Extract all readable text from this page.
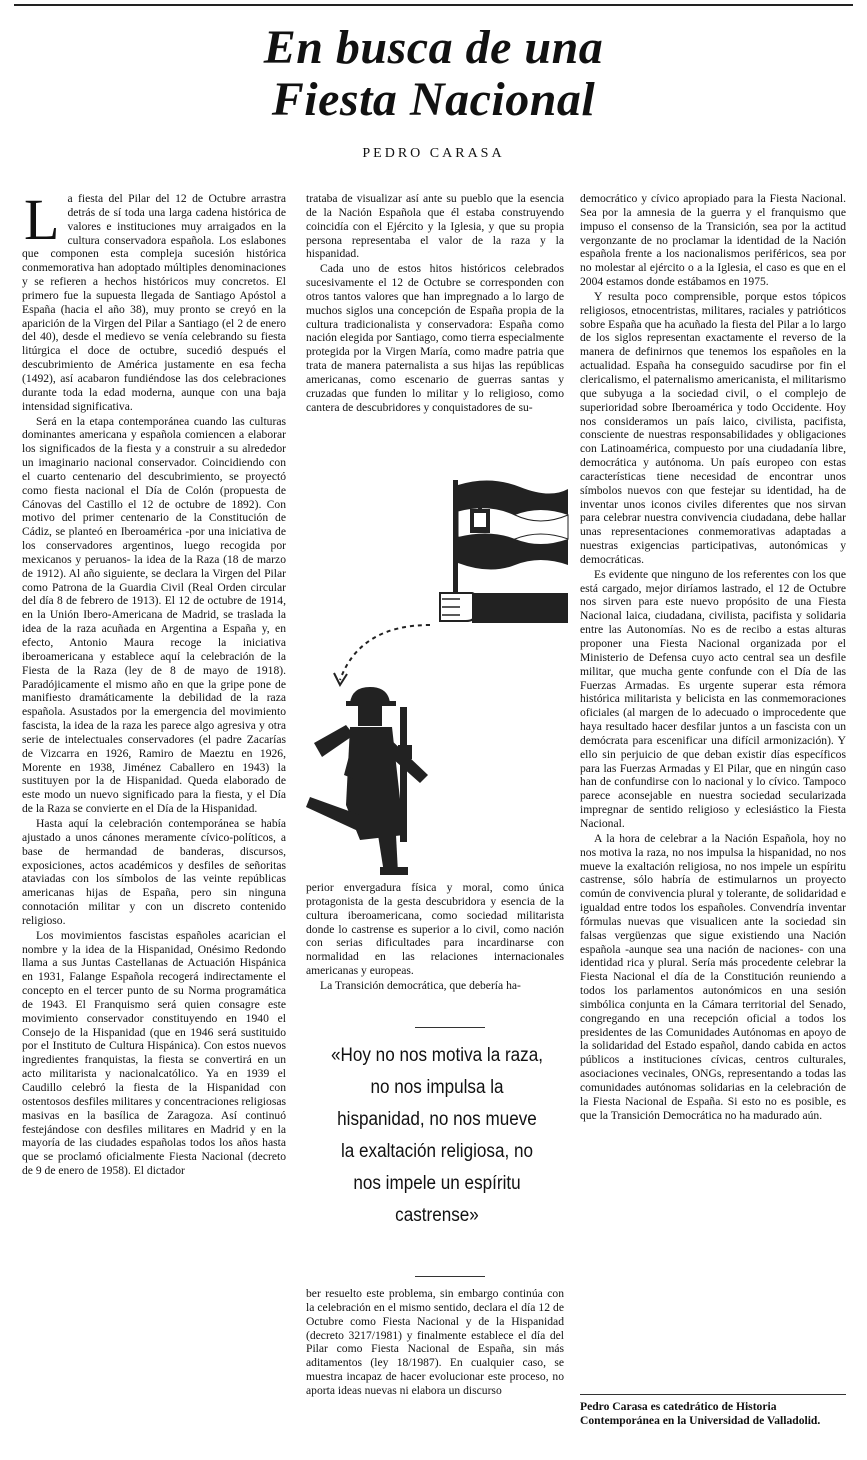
En busca de una
Fiesta Nacional
PEDRO CARASA

La fiesta del Pilar del 12 de Octubre arrastra detrás de sí toda una larga cadena histórica de valores e instituciones muy arraigados en la cultura conservadora española. Los eslabones que componen esta compleja sucesión histórica conmemorativa han adoptado múltiples denominaciones y se refieren a hechos históricos muy concretos. El primero fue la supuesta llegada de Santiago Apóstol a España (hacia el año 38), muy pronto se creyó en la aparición de la Virgen del Pilar a Santiago (el 2 de enero del 40), desde el medievo se venía celebrando su fiesta litúrgica el doce de octubre, sucedió después el descubrimiento de América justamente en esa fecha (1492), así acabaron fundiéndose las dos celebraciones durante toda la edad moderna, aunque con una baja intensidad significativa.

Será en la etapa contemporánea cuando las culturas dominantes americana y española comiencen a elaborar los significados de la fiesta y a construir a su alrededor un imaginario nacional conservador. Coincidiendo con el cuarto centenario del descubrimiento, se proyectó como fiesta nacional el Día de Colón (propuesta de Cánovas del Castillo el 12 de octubre de 1892). Con motivo del primer centenario de la Constitución de Cádiz, se planteó en Iberoamérica -por una iniciativa de los conservadores argentinos, luego recogida por mexicanos y peruanos- la idea de la Raza (18 de marzo de 1912). Al año siguiente, se declara la Virgen del Pilar como Patrona de la Guardia Civil (Real Orden circular del día 8 de febrero de 1913). El 12 de octubre de 1914, en la Unión Ibero-Americana de Madrid, se traslada la idea de la raza acuñada en Argentina a España y, en efecto, Antonio Maura recoge la iniciativa iberoamericana y establece aquí la celebración de la Fiesta de la Raza (ley de 8 de mayo de 1918). Paradójicamente el mismo año en que la gripe pone de manifiesto dramáticamente la debilidad de la raza española. Asustados por la emergencia del movimiento fascista, la idea de la raza les parece algo agresiva y otra serie de intelectuales conservadores (el padre Zacarías de Vizcarra en 1926, Ramiro de Maeztu en 1926, Morente en 1938, Jiménez Caballero en 1943) la sustituyen por la de Hispanidad. Queda elaborado de este modo un nuevo significado para la fiesta, y el Día de la Raza se convierte en el Día de la Hispanidad.

Hasta aquí la celebración contemporánea se había ajustado a unos cánones meramente cívico-políticos, a base de hermandad de banderas, discursos, exposiciones, actos académicos y desfiles de señoritas ataviadas con los símbolos de las veinte repúblicas americanas hijas de España, pero sin ninguna connotación militar y con un discreto contenido religioso.

Los movimientos fascistas españoles acarician el nombre y la idea de la Hispanidad, Onésimo Redondo llama a sus Juntas Castellanas de Actuación Hispánica en 1931, Falange Española recogerá indirectamente el concepto en el tercer punto de su Norma programática de 1943. El Franquismo será quien consagre este movimiento conservador constituyendo en 1940 el Consejo de la Hispanidad (que en 1946 será sustituido por el Instituto de Cultura Hispánica). Con estos nuevos ingredientes franquistas, la fiesta se convertirá en un acto militarista y nacionalcatólico. Ya en 1939 el Caudillo celebró la fiesta de la Hispanidad con ostentosos desfiles militares y concentraciones religiosas masivas en la basílica de Zaragoza. Así continuó festejándose con desfiles militares en Madrid y en la mayoría de las ciudades españolas todos los años hasta que se proclamó oficialmente Fiesta Nacional (decreto de 9 de enero de 1958). El dictador

trataba de visualizar así ante su pueblo que la esencia de la Nación Española que él estaba construyendo coincidía con el Ejército y la Iglesia, y que su propia persona representaba el valor de la raza y la hispanidad.

Cada uno de estos hitos históricos celebrados sucesivamente el 12 de Octubre se corresponden con otros tantos valores que han impregnado a lo largo de muchos siglos una concepción de España propia de la cultura tradicionalista y conservadora: España como nación elegida por Santiago, como tierra especialmente protegida por la Virgen María, como madre patria que trata de manera paternalista a sus hijas las repúblicas americanas, como escenario de guerras santas y cruzadas que funden lo militar y lo religioso, como cantera de descubridores y conquistadores de su-

perior envergadura física y moral, como única protagonista de la gesta descubridora y esencia de la cultura iberoamericana, como sociedad militarista donde lo castrense es superior a lo civil, como nación con serias dificultades para incardinarse con normalidad en las relaciones internacionales americanas y europeas.

La Transición democrática, que debería ha-

«Hoy no nos motiva la raza, no nos impulsa la hispanidad, no nos mueve la exaltación religiosa, no nos impele un espíritu castrense»

ber resuelto este problema, sin embargo continúa con la celebración en el mismo sentido, declara el día 12 de Octubre como Fiesta Nacional y de la Hispanidad (decreto 3217/1981) y finalmente establece el día del Pilar como Fiesta Nacional de España, sin más aditamentos (ley 18/1987). En cualquier caso, se muestra incapaz de hacer evolucionar este proceso, no aporta ideas nuevas ni elabora un discurso

democrático y cívico apropiado para la Fiesta Nacional. Sea por la amnesia de la guerra y el franquismo que impuso el consenso de la Transición, sea por la actitud vergonzante de no proclamar la identidad de la Nación española frente a los nacionalismos periféricos, sea por no molestar al ejército o a la Iglesia, el caso es que en el 2004 estamos donde estábamos en 1975.

Y resulta poco comprensible, porque estos tópicos religiosos, etnocentristas, militares, raciales y patrióticos sobre España que ha acuñado la fiesta del Pilar a lo largo de los siglos representan exactamente el reverso de la manera de definirnos que tenemos los españoles en la actualidad. España ha conseguido sacudirse por fin el clericalismo, el paternalismo americanista, el militarismo que subyuga a la sociedad civil, o el complejo de superioridad sobre Iberoamérica y todo Occidente. Hoy nos consideramos un país laico, civilista, pacifista, consciente de nuestras responsabilidades y obligaciones con Latinoamérica, compuesto por una ciudadanía libre, democrática y autónoma. Un país europeo con estas características tiene necesidad de encontrar unos símbolos nuevos con que festejar su identidad, ha de inventar unos iconos civiles diferentes que nos sirvan para celebrar nuestra convivencia ciudadana, debe hallar unas representaciones conmemorativas adaptadas a nuestras exigencias participativas, autonómicas y democráticas.

Es evidente que ninguno de los referentes con los que está cargado, mejor diríamos lastrado, el 12 de Octubre nos sirven para este nuevo propósito de una Fiesta Nacional laica, ciudadana, civilista, pacifista y solidaria entre las Autonomías. No es de recibo a estas alturas proponer una Fiesta Nacional organizada por el Ministerio de Defensa cuyo acto central sea un desfile militar, que mucha gente confunde con el Día de las Fuerzas Armadas. Es urgente superar esta rémora histórica militarista y belicista en las conmemoraciones oficiales (al margen de lo adecuado o improcedente que haya resultado hacer desfilar juntos a un fascista con un demócrata para escenificar una difícil armonización). Y ello sin perjuicio de que deban existir días específicos para las Fuerzas Armadas y El Pilar, que en ningún caso han de confundirse con lo nacional y lo cívico. Tampoco parece aconsejable en nuestra sociedad secularizada impregnar de sentido religioso y eclesiástico la Fiesta Nacional.

A la hora de celebrar a la Nación Española, hoy no nos motiva la raza, no nos impulsa la hispanidad, no nos mueve la exaltación religiosa, no nos impele un espíritu castrense, sólo habría de estimularnos un proyecto común de convivencia plural y tolerante, de solidaridad e igualdad entre todos los españoles. Convendría inventar fórmulas nuevas que visualicen ante la sociedad sin falsas vergüenzas que sigue existiendo una Nación española -aunque sea una nación de naciones- con una identidad rica y plural. Sería más procedente celebrar la Fiesta Nacional el día de la Constitución reuniendo a todos los parlamentos autonómicos en una sesión simbólica conjunta en la Cámara territorial del Senado, congregando en una recepción oficial a todos los presidentes de las Comunidades Autónomas en apoyo de la solidaridad del Estado español, dando cabida en actos públicos a instituciones cívicas, centros culturales, asociaciones vecinales, ONGs, representando a todas las comunidades autónomas solidarias en la celebración de la Fiesta Nacional de España. Si esto no es posible, es que la Transición Democrática no ha madurado aún.

Pedro Carasa es catedrático de Historia Contemporánea en la Universidad de Valladolid.
